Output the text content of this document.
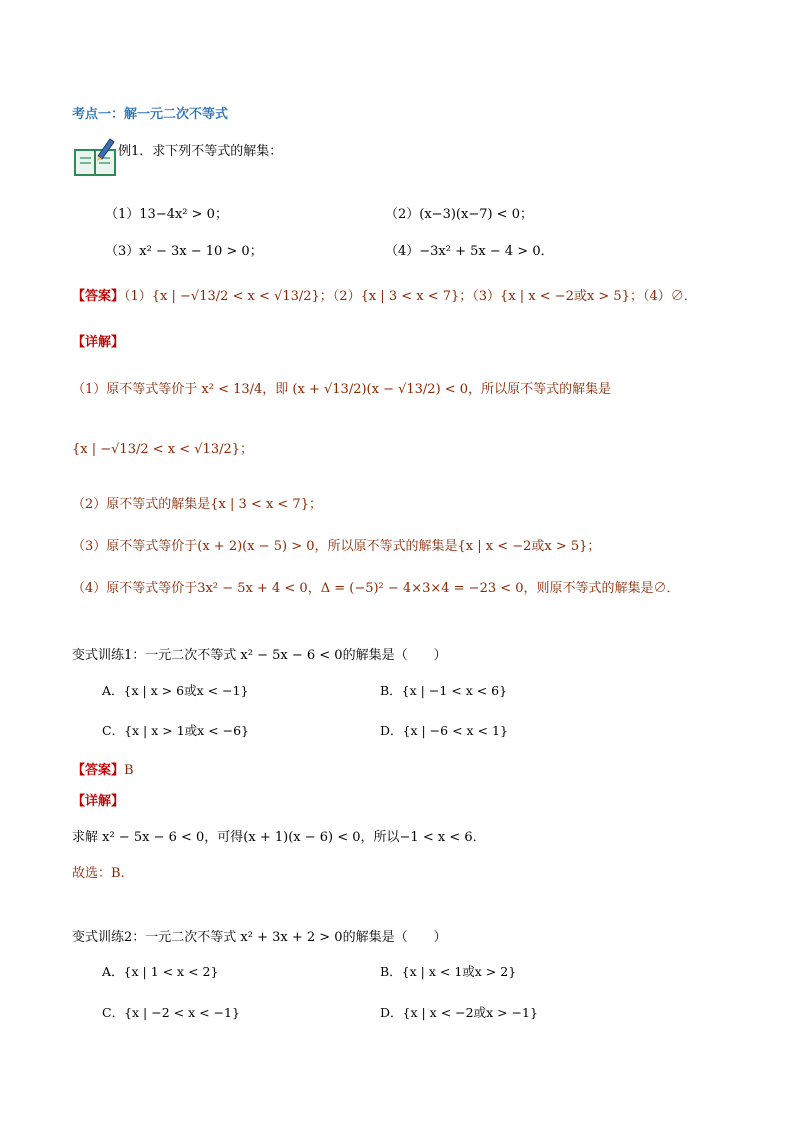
考点一：解一元二次不等式
例1．求下列不等式的解集：
（1）13−4x² > 0；	（2）(x−3)(x−7) < 0；
（3）x² − 3x − 10 > 0；	（4）−3x² + 5x − 4 > 0．
【答案】（1）{x | −√13/2 < x < √13/2}；（2）{x | 3 < x < 7}；（3）{x | x < −2或x > 5}；（4）∅．
【详解】
（1）原不等式等价于 x² < 13/4，即 (x + √13/2)(x − √13/2) < 0，所以原不等式的解集是
{x | −√13/2 < x < √13/2}；
（2）原不等式的解集是{x | 3 < x < 7}；
（3）原不等式等价于(x + 2)(x − 5) > 0，所以原不等式的解集是{x | x < −2或x > 5}；
（4）原不等式等价于3x² − 5x + 4 < 0，Δ = (−5)² − 4×3×4 = −23 < 0，则原不等式的解集是∅．
变式训练1：一元二次不等式 x² − 5x − 6 < 0的解集是（　　）
A．{x | x > 6或x < −1}	B．{x | −1 < x < 6}
C．{x | x > 1或x < −6}	D．{x | −6 < x < 1}
【答案】B
【详解】
求解 x² − 5x − 6 < 0，可得(x + 1)(x − 6) < 0，所以−1 < x < 6．
故选：B.
变式训练2：一元二次不等式 x² + 3x + 2 > 0的解集是（　　）
A．{x | 1 < x < 2}	B．{x | x < 1或x > 2}
C．{x | −2 < x < −1}	D．{x | x < −2或x > −1}
